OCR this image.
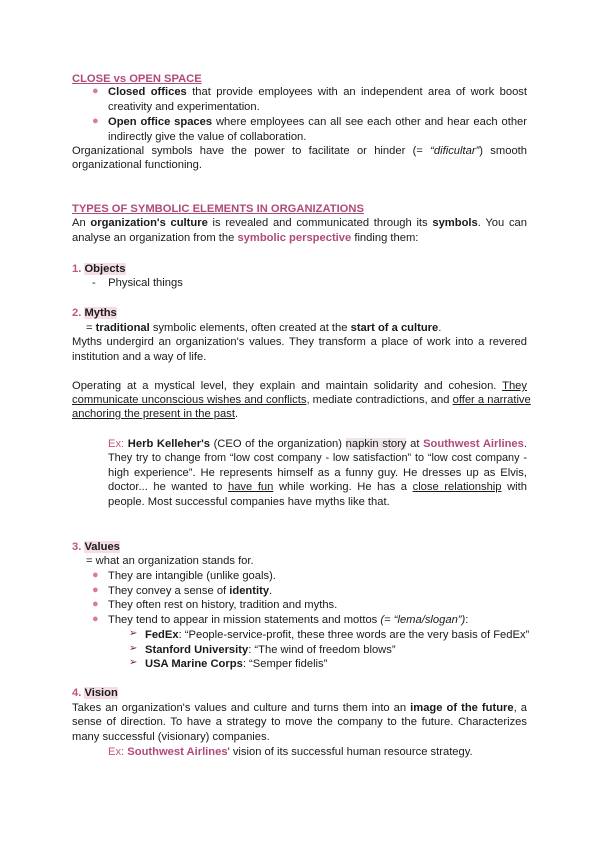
CLOSE vs OPEN SPACE
● Closed offices that provide employees with an independent area of work boost
creativity and experimentation.
● Open office spaces where employees can all see each other and hear each other
indirectly give the value of collaboration.
Organizational symbols have the power to facilitate or hinder (= “dificultar”) smooth
organizational functioning.
TYPES OF SYMBOLIC ELEMENTS IN ORGANIZATIONS
An organization's culture is revealed and communicated through its symbols. You can
analyse an organization from the symbolic perspective finding them:
1. Objects
- Physical things
2. Myths
= traditional symbolic elements, often created at the start of a culture.
Myths undergird an organization's values. They transform a place of work into a revered
institution and a way of life.
Operating at a mystical level, they explain and maintain solidarity and cohesion. They
communicate unconscious wishes and conflicts, mediate contradictions, and offer a narrative
anchoring the present in the past.
Ex: Herb Kelleher's (CEO of the organization) napkin story at Southwest Airlines.
They try to change from “low cost company - low satisfaction” to “low cost company -
high experience”. He represents himself as a funny guy. He dresses up as Elvis,
doctor... he wanted to have fun while working. He has a close relationship with
people. Most successful companies have myths like that.
3. Values
= what an organization stands for.
● They are intangible (unlike goals).
● They convey a sense of identity.
● They often rest on history, tradition and myths.
● They tend to appear in mission statements and mottos (= “lema/slogan”):
➢ FedEx: “People-service-profit, these three words are the very basis of FedEx”
➢ Stanford University: “The wind of freedom blows”
➢ USA Marine Corps: “Semper fidelis”
4. Vision
Takes an organization's values and culture and turns them into an image of the future, a
sense of direction. To have a strategy to move the company to the future. Characterizes
many successful (visionary) companies.
Ex: Southwest Airlines' vision of its successful human resource strategy.
